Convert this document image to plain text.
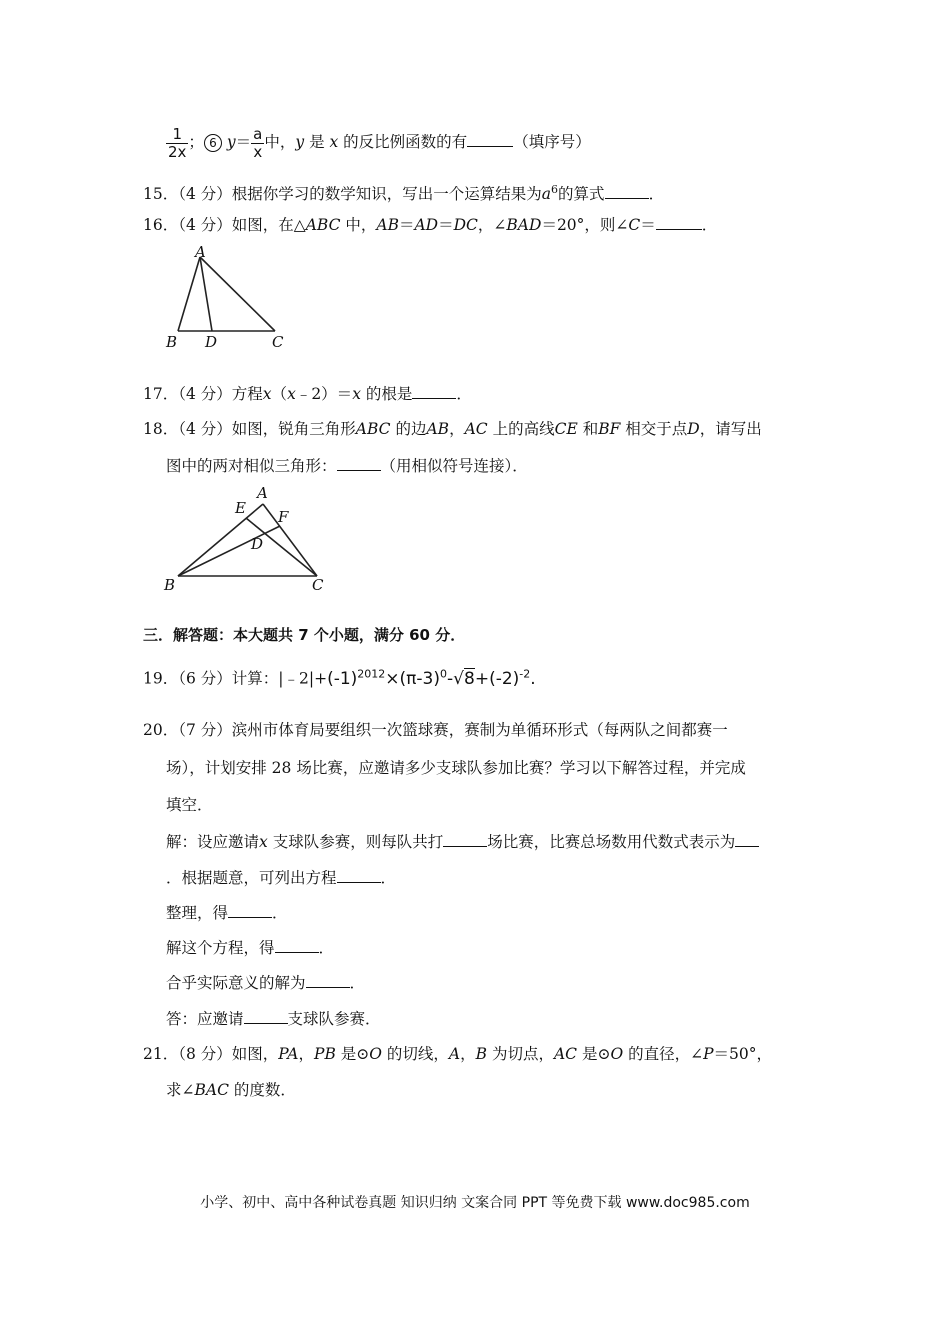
$\frac{1}{2x}$ ； 6 $y= \frac{a}{x}$ 中，y 是 x 的反比例函数的有	（填序号）
15．（4 分）根据你学习的数学知识，写出一个运算结果为$a^6$的算式	．
16．（4 分）如图，在△ABC 中，AB＝AD＝DC，∠BAD＝20°，则∠C＝	．
A
B D	C
17．（4 分）方程x（x﹣2）＝x 的根是	．
18．（4 分）如图，锐角三角形ABC 的边AB，AC 上的高线CE 和BF 相交于点D，请写出
图中的两对相似三角形：	（用相似符号连接）．
A
E F
D
B	C
三．解答题：本大题共 7 个小题，满分 60 分．
19．（6 分）计算：$|﹣2|+(-1)^{2012}\times(\pi-3)^0-√8+(-2)^{-2}$.
20．（7 分）滨州市体育局要组织一次篮球赛，赛制为单循环形式（每两队之间都赛一
场），计划安排 28 场比赛，应邀请多少支球队参加比赛？学习以下解答过程，并完成
填空．
解：设应邀请x 支球队参赛，则每队共打	场比赛，比赛总场数用代数式表示为
．根据题意，可列出方程	．
整理，得	．
解这个方程，得	．
合乎实际意义的解为	．
答：应邀请	支球队参赛．
21．（8 分）如图，PA，PB 是⊙O 的切线，A，B 为切点，AC 是⊙O 的直径，∠P＝50°，
求∠BAC 的度数．
小学、初中、高中各种试卷真题 知识归纳 文案合同 PPT 等免费下载 www.doc985.com
